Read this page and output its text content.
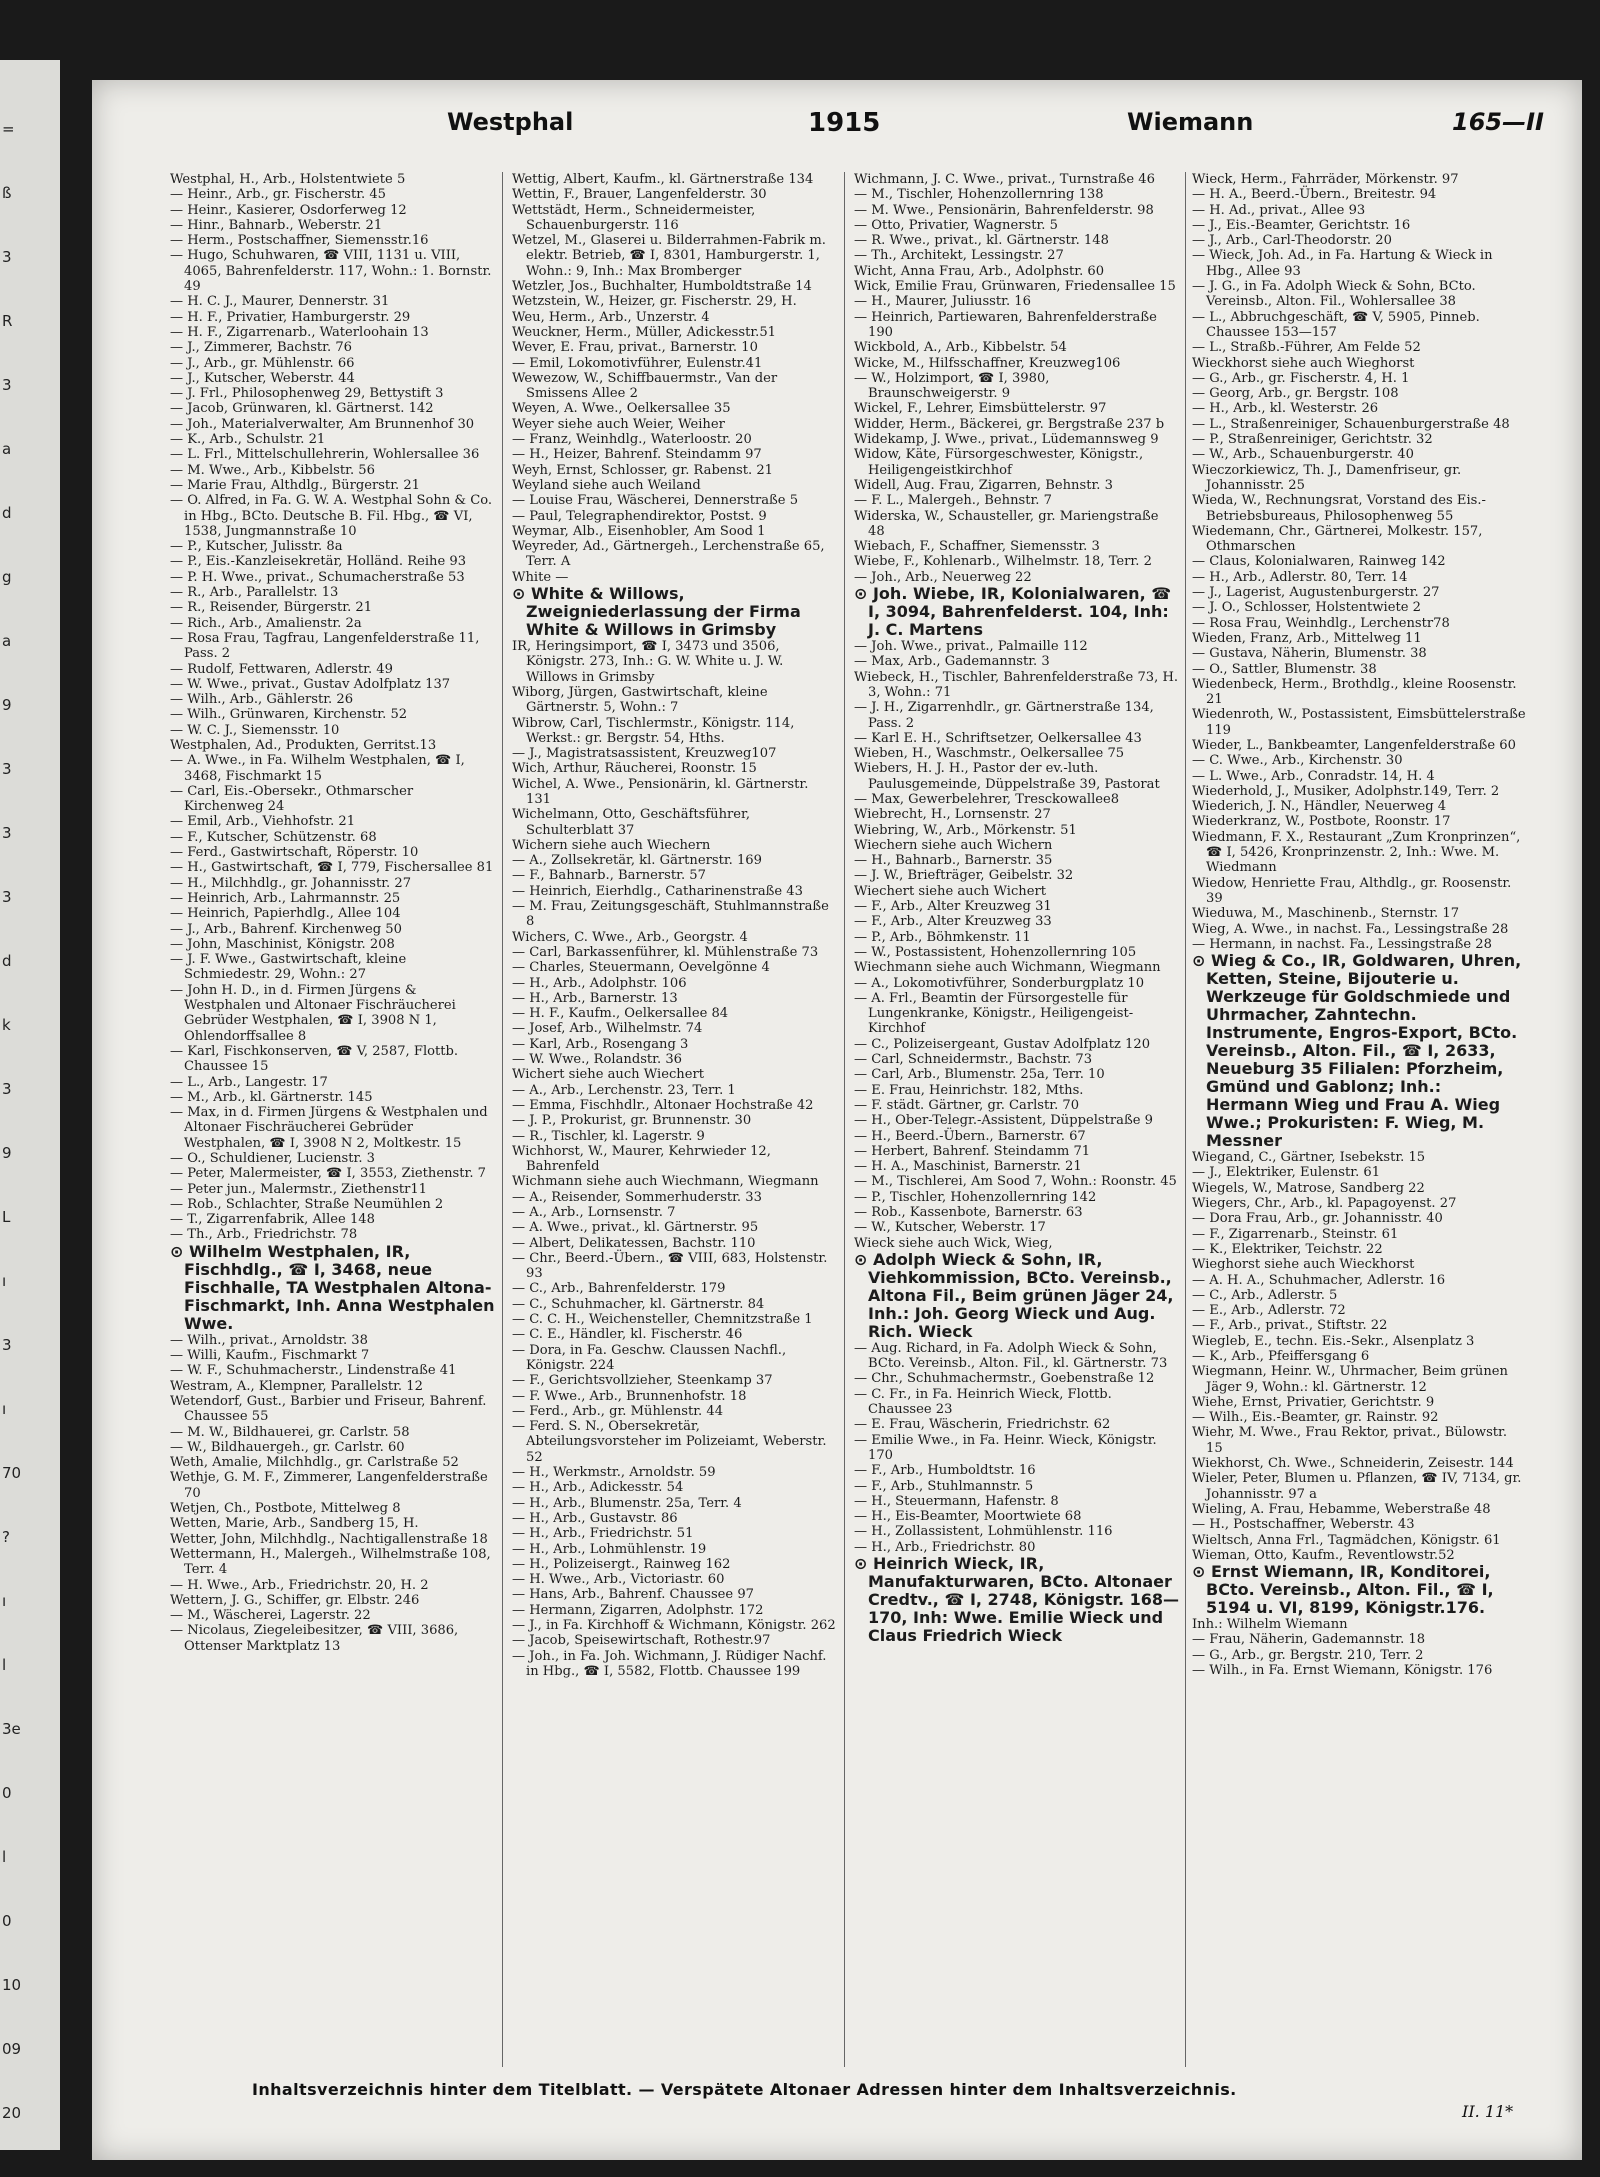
=
ß
3
R
3
a
d
g
a
9
3
3
3
d
k
3
9
L
ı
3
ı
70
?
ı
l
3e
0
l
0
10
09
20
Westphal	1915	Wiemann	165—II

Westphal, H., Arb., Holstentwiete 5

— Heinr., Arb., gr. Fischerstr. 45

— Heinr., Kasierer, Osdorferweg 12

— Hinr., Bahnarb., Weberstr. 21

— Herm., Postschaffner, Siemensstr.16

— Hugo, Schuhwaren, ☎ VIII, 1131 u. VIII, 4065, Bahrenfelderstr. 117, Wohn.: 1. Bornstr. 49

— H. C. J., Maurer, Dennerstr. 31

— H. F., Privatier, Hamburgerstr. 29

— H. F., Zigarrenarb., Waterloohain 13

— J., Zimmerer, Bachstr. 76

— J., Arb., gr. Mühlenstr. 66

— J., Kutscher, Weberstr. 44

— J. Frl., Philosophenweg 29, Bettystift 3

— Jacob, Grünwaren, kl. Gärtnerst. 142

— Joh., Materialverwalter, Am Brunnenhof 30

— K., Arb., Schulstr. 21

— L. Frl., Mittelschullehrerin, Wohlersallee 36

— M. Wwe., Arb., Kibbelstr. 56

— Marie Frau, Althdlg., Bürgerstr. 21

— O. Alfred, in Fa. G. W. A. Westphal Sohn & Co. in Hbg., BCto. Deutsche B. Fil. Hbg., ☎ VI, 1538, Jungmannstraße 10

— P., Kutscher, Julisstr. 8a

— P., Eis.-Kanzleisekretär, Holländ. Reihe 93

— P. H. Wwe., privat., Schumacherstraße 53

— R., Arb., Parallelstr. 13

— R., Reisender, Bürgerstr. 21

— Rich., Arb., Amalienstr. 2a

— Rosa Frau, Tagfrau, Langenfelderstraße 11, Pass. 2

— Rudolf, Fettwaren, Adlerstr. 49

— W. Wwe., privat., Gustav Adolfplatz 137

— Wilh., Arb., Gählerstr. 26

— Wilh., Grünwaren, Kirchenstr. 52

— W. C. J., Siemensstr. 10

Westphalen, Ad., Produkten, Gerritst.13

— A. Wwe., in Fa. Wilhelm Westphalen, ☎ I, 3468, Fischmarkt 15

— Carl, Eis.-Obersekr., Othmarscher Kirchenweg 24

— Emil, Arb., Viehhofstr. 21

— F., Kutscher, Schützenstr. 68

— Ferd., Gastwirtschaft, Röperstr. 10

— H., Gastwirtschaft, ☎ I, 779, Fischersallee 81

— H., Milchhdlg., gr. Johannisstr. 27

— Heinrich, Arb., Lahrmannstr. 25

— Heinrich, Papierhdlg., Allee 104

— J., Arb., Bahrenf. Kirchenweg 50

— John, Maschinist, Königstr. 208

— J. F. Wwe., Gastwirtschaft, kleine Schmiedestr. 29, Wohn.: 27

— John H. D., in d. Firmen Jürgens & Westphalen und Altonaer Fischräucherei Gebrüder Westphalen, ☎ I, 3908 N 1, Ohlendorffsallee 8

— Karl, Fischkonserven, ☎ V, 2587, Flottb. Chaussee 15

— L., Arb., Langestr. 17

— M., Arb., kl. Gärtnerstr. 145

— Max, in d. Firmen Jürgens & Westphalen und Altonaer Fischräucherei Gebrüder Westphalen, ☎ I, 3908 N 2, Moltkestr. 15

— O., Schuldiener, Lucienstr. 3

— Peter, Malermeister, ☎ I, 3553, Ziethenstr. 7

— Peter jun., Malermstr., Ziethenstr11

— Rob., Schlachter, Straße Neumühlen 2

— T., Zigarrenfabrik, Allee 148

— Th., Arb., Friedrichstr. 78

⊙ Wilhelm Westphalen, IR, Fischhdlg., ☎ I, 3468, neue Fischhalle, TA Westphalen Altona-Fischmarkt, Inh. Anna Westphalen Wwe.

— Wilh., privat., Arnoldstr. 38

— Willi, Kaufm., Fischmarkt 7

— W. F., Schuhmacherstr., Lindenstraße 41

Westram, A., Klempner, Parallelstr. 12

Wetendorf, Gust., Barbier und Friseur, Bahrenf. Chaussee 55

— M. W., Bildhauerei, gr. Carlstr. 58

— W., Bildhauergeh., gr. Carlstr. 60

Weth, Amalie, Milchhdlg., gr. Carlstraße 52

Wethje, G. M. F., Zimmerer, Langenfelderstraße 70

Wetjen, Ch., Postbote, Mittelweg 8

Wetten, Marie, Arb., Sandberg 15, H.

Wetter, John, Milchhdlg., Nachtigallenstraße 18

Wettermann, H., Malergeh., Wilhelmstraße 108, Terr. 4

— H. Wwe., Arb., Friedrichstr. 20, H. 2

Wettern, J. G., Schiffer, gr. Elbstr. 246

— M., Wäscherei, Lagerstr. 22

— Nicolaus, Ziegeleibesitzer, ☎ VIII, 3686, Ottenser Marktplatz 13

Wettig, Albert, Kaufm., kl. Gärtnerstraße 134

Wettin, F., Brauer, Langenfelderstr. 30

Wettstädt, Herm., Schneidermeister, Schauenburgerstr. 116

Wetzel, M., Glaserei u. Bilderrahmen-Fabrik m. elektr. Betrieb, ☎ I, 8301, Hamburgerstr. 1, Wohn.: 9, Inh.: Max Bromberger

Wetzler, Jos., Buchhalter, Humboldtstraße 14

Wetzstein, W., Heizer, gr. Fischerstr. 29, H.

Weu, Herm., Arb., Unzerstr. 4

Weuckner, Herm., Müller, Adickesstr.51

Wever, E. Frau, privat., Barnerstr. 10

— Emil, Lokomotivführer, Eulenstr.41

Wewezow, W., Schiffbauermstr., Van der Smissens Allee 2

Weyen, A. Wwe., Oelkersallee 35

Weyer siehe auch Weier, Weiher

— Franz, Weinhdlg., Waterloostr. 20

— H., Heizer, Bahrenf. Steindamm 97

Weyh, Ernst, Schlosser, gr. Rabenst. 21

Weyland siehe auch Weiland

— Louise Frau, Wäscherei, Dennerstraße 5

— Paul, Telegraphendirektor, Postst. 9

Weymar, Alb., Eisenhobler, Am Sood 1

Weyreder, Ad., Gärtnergeh., Lerchenstraße 65, Terr. A

White —

⊙ White & Willows, Zweigniederlassung der Firma White & Willows in Grimsby

IR, Heringsimport, ☎ I, 3473 und 3506, Königstr. 273, Inh.: G. W. White u. J. W. Willows in Grimsby

Wiborg, Jürgen, Gastwirtschaft, kleine Gärtnerstr. 5, Wohn.: 7

Wibrow, Carl, Tischlermstr., Königstr. 114, Werkst.: gr. Bergstr. 54, Hths.

— J., Magistratsassistent, Kreuzweg107

Wich, Arthur, Räucherei, Roonstr. 15

Wichel, A. Wwe., Pensionärin, kl. Gärtnerstr. 131

Wichelmann, Otto, Geschäftsführer, Schulterblatt 37

Wichern siehe auch Wiechern

— A., Zollsekretär, kl. Gärtnerstr. 169

— F., Bahnarb., Barnerstr. 57

— Heinrich, Eierhdlg., Catharinenstraße 43

— M. Frau, Zeitungsgeschäft, Stuhlmannstraße 8

Wichers, C. Wwe., Arb., Georgstr. 4

— Carl, Barkassenführer, kl. Mühlenstraße 73

— Charles, Steuermann, Oevelgönne 4

— H., Arb., Adolphstr. 106

— H., Arb., Barnerstr. 13

— H. F., Kaufm., Oelkersallee 84

— Josef, Arb., Wilhelmstr. 74

— Karl, Arb., Rosengang 3

— W. Wwe., Rolandstr. 36

Wichert siehe auch Wiechert

— A., Arb., Lerchenstr. 23, Terr. 1

— Emma, Fischhdlr., Altonaer Hochstraße 42

— J. P., Prokurist, gr. Brunnenstr. 30

— R., Tischler, kl. Lagerstr. 9

Wichhorst, W., Maurer, Kehrwieder 12, Bahrenfeld

Wichmann siehe auch Wiechmann, Wiegmann

— A., Reisender, Sommerhuderstr. 33

— A., Arb., Lornsenstr. 7

— A. Wwe., privat., kl. Gärtnerstr. 95

— Albert, Delikatessen, Bachstr. 110

— Chr., Beerd.-Übern., ☎ VIII, 683, Holstenstr. 93

— C., Arb., Bahrenfelderstr. 179

— C., Schuhmacher, kl. Gärtnerstr. 84

— C. C. H., Weichensteller, Chemnitzstraße 1

— C. E., Händler, kl. Fischerstr. 46

— Dora, in Fa. Geschw. Claussen Nachfl., Königstr. 224

— F., Gerichtsvollzieher, Steenkamp 37

— F. Wwe., Arb., Brunnenhofstr. 18

— Ferd., Arb., gr. Mühlenstr. 44

— Ferd. S. N., Obersekretär, Abteilungsvorsteher im Polizeiamt, Weberstr. 52

— H., Werkmstr., Arnoldstr. 59

— H., Arb., Adickesstr. 54

— H., Arb., Blumenstr. 25a, Terr. 4

— H., Arb., Gustavstr. 86

— H., Arb., Friedrichstr. 51

— H., Arb., Lohmühlenstr. 19

— H., Polizeisergt., Rainweg 162

— H. Wwe., Arb., Victoriastr. 60

— Hans, Arb., Bahrenf. Chaussee 97

— Hermann, Zigarren, Adolphstr. 172

— J., in Fa. Kirchhoff & Wichmann, Königstr. 262

— Jacob, Speisewirtschaft, Rothestr.97

— Joh., in Fa. Joh. Wichmann, J. Rüdiger Nachf. in Hbg., ☎ I, 5582, Flottb. Chaussee 199

Wichmann, J. C. Wwe., privat., Turnstraße 46

— M., Tischler, Hohenzollernring 138

— M. Wwe., Pensionärin, Bahrenfelderstr. 98

— Otto, Privatier, Wagnerstr. 5

— R. Wwe., privat., kl. Gärtnerstr. 148

— Th., Architekt, Lessingstr. 27

Wicht, Anna Frau, Arb., Adolphstr. 60

Wick, Emilie Frau, Grünwaren, Friedensallee 15

— H., Maurer, Juliusstr. 16

— Heinrich, Partiewaren, Bahrenfelderstraße 190

Wickbold, A., Arb., Kibbelstr. 54

Wicke, M., Hilfsschaffner, Kreuzweg106

— W., Holzimport, ☎ I, 3980, Braunschweigerstr. 9

Wickel, F., Lehrer, Eimsbüttelerstr. 97

Widder, Herm., Bäckerei, gr. Bergstraße 237 b

Widekamp, J. Wwe., privat., Lüdemannsweg 9

Widow, Käte, Fürsorgeschwester, Königstr., Heiligengeistkirchhof

Widell, Aug. Frau, Zigarren, Behnstr. 3

— F. L., Malergeh., Behnstr. 7

Widerska, W., Schausteller, gr. Mariengstraße 48

Wiebach, F., Schaffner, Siemensstr. 3

Wiebe, F., Kohlenarb., Wilhelmstr. 18, Terr. 2

— Joh., Arb., Neuerweg 22

⊙ Joh. Wiebe, IR, Kolonialwaren, ☎ I, 3094, Bahrenfelderst. 104, Inh: J. C. Martens

— Joh. Wwe., privat., Palmaille 112

— Max, Arb., Gademannstr. 3

Wiebeck, H., Tischler, Bahrenfelderstraße 73, H. 3, Wohn.: 71

— J. H., Zigarrenhdlr., gr. Gärtnerstraße 134, Pass. 2

— Karl E. H., Schriftsetzer, Oelkersallee 43

Wieben, H., Waschmstr., Oelkersallee 75

Wiebers, H. J. H., Pastor der ev.-luth. Paulusgemeinde, Düppelstraße 39, Pastorat

— Max, Gewerbelehrer, Tresckowallee8

Wiebrecht, H., Lornsenstr. 27

Wiebring, W., Arb., Mörkenstr. 51

Wiechern siehe auch Wichern

— H., Bahnarb., Barnerstr. 35

— J. W., Briefträger, Geibelstr. 32

Wiechert siehe auch Wichert

— F., Arb., Alter Kreuzweg 31

— F., Arb., Alter Kreuzweg 33

— P., Arb., Böhmkenstr. 11

— W., Postassistent, Hohenzollernring 105

Wiechmann siehe auch Wichmann, Wiegmann

— A., Lokomotivführer, Sonderburgplatz 10

— A. Frl., Beamtin der Fürsorgestelle für Lungenkranke, Königstr., Heiligengeist-Kirchhof

— C., Polizeisergeant, Gustav Adolfplatz 120

— Carl, Schneidermstr., Bachstr. 73

— Carl, Arb., Blumenstr. 25a, Terr. 10

— E. Frau, Heinrichstr. 182, Mths.

— F. städt. Gärtner, gr. Carlstr. 70

— H., Ober-Telegr.-Assistent, Düppelstraße 9

— H., Beerd.-Übern., Barnerstr. 67

— Herbert, Bahrenf. Steindamm 71

— H. A., Maschinist, Barnerstr. 21

— M., Tischlerei, Am Sood 7, Wohn.: Roonstr. 45

— P., Tischler, Hohenzollernring 142

— Rob., Kassenbote, Barnerstr. 63

— W., Kutscher, Weberstr. 17

Wieck siehe auch Wick, Wieg,

⊙ Adolph Wieck & Sohn, IR, Viehkommission, BCto. Vereinsb., Altona Fil., Beim grünen Jäger 24, Inh.: Joh. Georg Wieck und Aug. Rich. Wieck

— Aug. Richard, in Fa. Adolph Wieck & Sohn, BCto. Vereinsb., Alton. Fil., kl. Gärtnerstr. 73

— Chr., Schuhmachermstr., Goebenstraße 12

— C. Fr., in Fa. Heinrich Wieck, Flottb. Chaussee 23

— E. Frau, Wäscherin, Friedrichstr. 62

— Emilie Wwe., in Fa. Heinr. Wieck, Königstr. 170

— F., Arb., Humboldtstr. 16

— F., Arb., Stuhlmannstr. 5

— H., Steuermann, Hafenstr. 8

— H., Eis-Beamter, Moortwiete 68

— H., Zollassistent, Lohmühlenstr. 116

— H., Arb., Friedrichstr. 80

⊙ Heinrich Wieck, IR, Manufakturwaren, BCto. Altonaer Credtv., ☎ I, 2748, Königstr. 168—170, Inh: Wwe. Emilie Wieck und Claus Friedrich Wieck

Wieck, Herm., Fahrräder, Mörkenstr. 97

— H. A., Beerd.-Übern., Breitestr. 94

— H. Ad., privat., Allee 93

— J., Eis.-Beamter, Gerichtstr. 16

— J., Arb., Carl-Theodorstr. 20

— Wieck, Joh. Ad., in Fa. Hartung & Wieck in Hbg., Allee 93

— J. G., in Fa. Adolph Wieck & Sohn, BCto. Vereinsb., Alton. Fil., Wohlersallee 38

— L., Abbruchgeschäft, ☎ V, 5905, Pinneb. Chaussee 153—157

— L., Straßb.-Führer, Am Felde 52

Wieckhorst siehe auch Wieghorst

— G., Arb., gr. Fischerstr. 4, H. 1

— Georg, Arb., gr. Bergstr. 108

— H., Arb., kl. Westerstr. 26

— L., Straßenreiniger, Schauenburgerstraße 48

— P., Straßenreiniger, Gerichtstr. 32

— W., Arb., Schauenburgerstr. 40

Wieczorkiewicz, Th. J., Damenfriseur, gr. Johannisstr. 25

Wieda, W., Rechnungsrat, Vorstand des Eis.-Betriebsbureaus, Philosophenweg 55

Wiedemann, Chr., Gärtnerei, Molkestr. 157, Othmarschen

— Claus, Kolonialwaren, Rainweg 142

— H., Arb., Adlerstr. 80, Terr. 14

— J., Lagerist, Augustenburgerstr. 27

— J. O., Schlosser, Holstentwiete 2

— Rosa Frau, Weinhdlg., Lerchenstr78

Wieden, Franz, Arb., Mittelweg 11

— Gustava, Näherin, Blumenstr. 38

— O., Sattler, Blumenstr. 38

Wiedenbeck, Herm., Brothdlg., kleine Roosenstr. 21

Wiedenroth, W., Postassistent, Eimsbüttelerstraße 119

Wieder, L., Bankbeamter, Langenfelderstraße 60

— C. Wwe., Arb., Kirchenstr. 30

— L. Wwe., Arb., Conradstr. 14, H. 4

Wiederhold, J., Musiker, Adolphstr.149, Terr. 2

Wiederich, J. N., Händler, Neuerweg 4

Wiederkranz, W., Postbote, Roonstr. 17

Wiedmann, F. X., Restaurant „Zum Kronprinzen“, ☎ I, 5426, Kronprinzenstr. 2, Inh.: Wwe. M. Wiedmann

Wiedow, Henriette Frau, Althdlg., gr. Roosenstr. 39

Wieduwa, M., Maschinenb., Sternstr. 17

Wieg, A. Wwe., in nachst. Fa., Lessingstraße 28

— Hermann, in nachst. Fa., Lessingstraße 28

⊙ Wieg & Co., IR, Goldwaren, Uhren, Ketten, Steine, Bijouterie u. Werkzeuge für Goldschmiede und Uhrmacher, Zahntechn. Instrumente, Engros-Export, BCto. Vereinsb., Alton. Fil., ☎ I, 2633, Neueburg 35 Filialen: Pforzheim, Gmünd und Gablonz; Inh.: Hermann Wieg und Frau A. Wieg Wwe.; Prokuristen: F. Wieg, M. Messner

Wiegand, C., Gärtner, Isebekstr. 15

— J., Elektriker, Eulenstr. 61

Wiegels, W., Matrose, Sandberg 22

Wiegers, Chr., Arb., kl. Papagoyenst. 27

— Dora Frau, Arb., gr. Johannisstr. 40

— F., Zigarrenarb., Steinstr. 61

— K., Elektriker, Teichstr. 22

Wieghorst siehe auch Wieckhorst

— A. H. A., Schuhmacher, Adlerstr. 16

— C., Arb., Adlerstr. 5

— E., Arb., Adlerstr. 72

— F., Arb., privat., Stiftstr. 22

Wiegleb, E., techn. Eis.-Sekr., Alsenplatz 3

— K., Arb., Pfeiffersgang 6

Wiegmann, Heinr. W., Uhrmacher, Beim grünen Jäger 9, Wohn.: kl. Gärtnerstr. 12

Wiehe, Ernst, Privatier, Gerichtstr. 9

— Wilh., Eis.-Beamter, gr. Rainstr. 92

Wiehr, M. Wwe., Frau Rektor, privat., Bülowstr. 15

Wiekhorst, Ch. Wwe., Schneiderin, Zeisestr. 144

Wieler, Peter, Blumen u. Pflanzen, ☎ IV, 7134, gr. Johannisstr. 97 a

Wieling, A. Frau, Hebamme, Weberstraße 48

— H., Postschaffner, Weberstr. 43

Wieltsch, Anna Frl., Tagmädchen, Königstr. 61

Wieman, Otto, Kaufm., Reventlowstr.52

⊙ Ernst Wiemann, IR, Konditorei, BCto. Vereinsb., Alton. Fil., ☎ I, 5194 u. VI, 8199, Königstr.176.

Inh.: Wilhelm Wiemann

— Frau, Näherin, Gademannstr. 18

— G., Arb., gr. Bergstr. 210, Terr. 2

— Wilh., in Fa. Ernst Wiemann, Königstr. 176

Inhaltsverzeichnis hinter dem Titelblatt. — Verspätete Altonaer Adressen hinter dem Inhaltsverzeichnis.
II. 11*
